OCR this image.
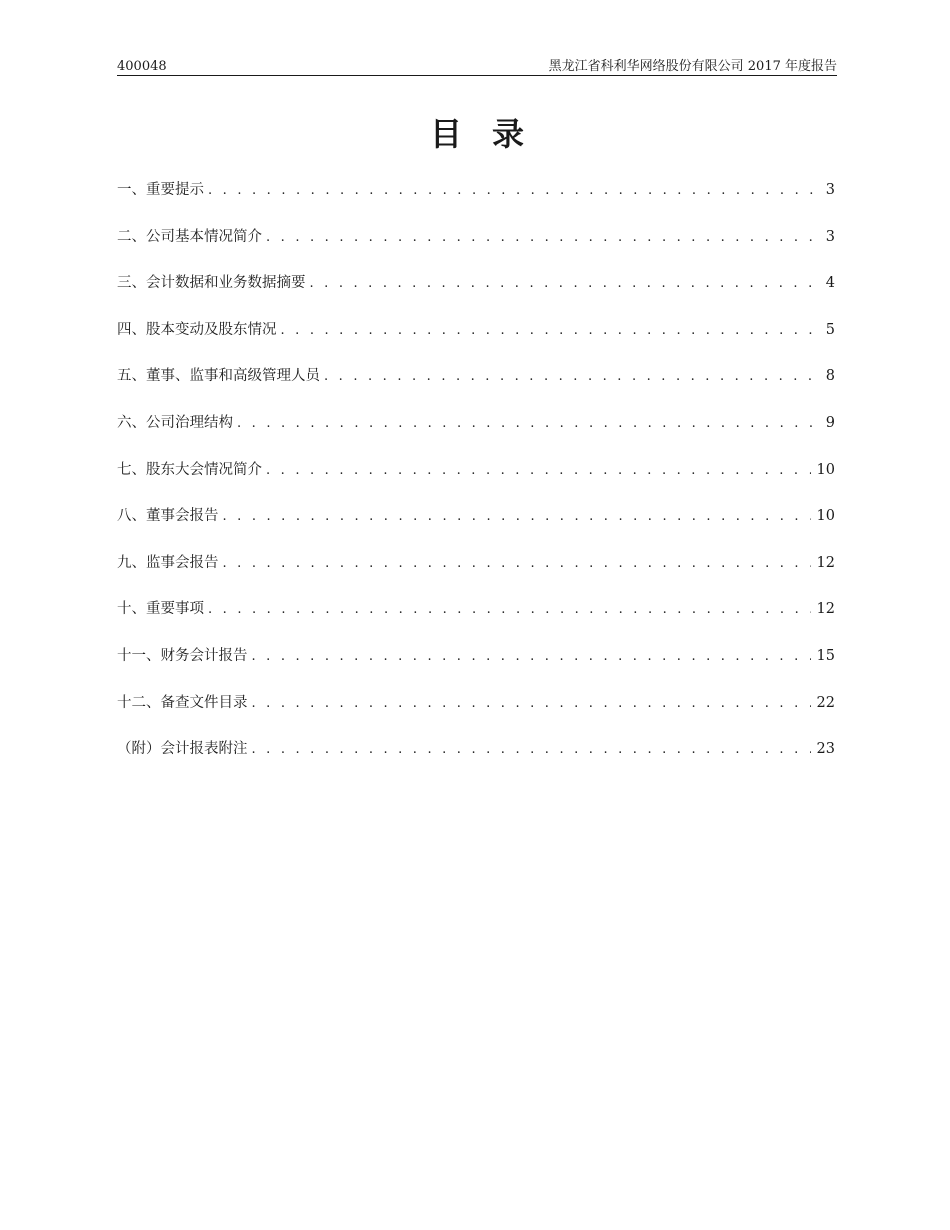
400048	黑龙江省科利华网络股份有限公司 2017 年度报告
目录
一、重要提示 . . .	3
二、公司基本情况简介 . . .	3
三、会计数据和业务数据摘要 . . .	4
四、股本变动及股东情况 . . .	5
五、董事、监事和高级管理人员 . . .	8
六、公司治理结构 . . .	9
七、股东大会情况简介 . . .	10
八、董事会报告 . . .	10
九、监事会报告 . . .	12
十、重要事项 . . .	12
十一、财务会计报告 . . .	15
十二、备查文件目录 . . .	22
（附）会计报表附注 . . .	23
